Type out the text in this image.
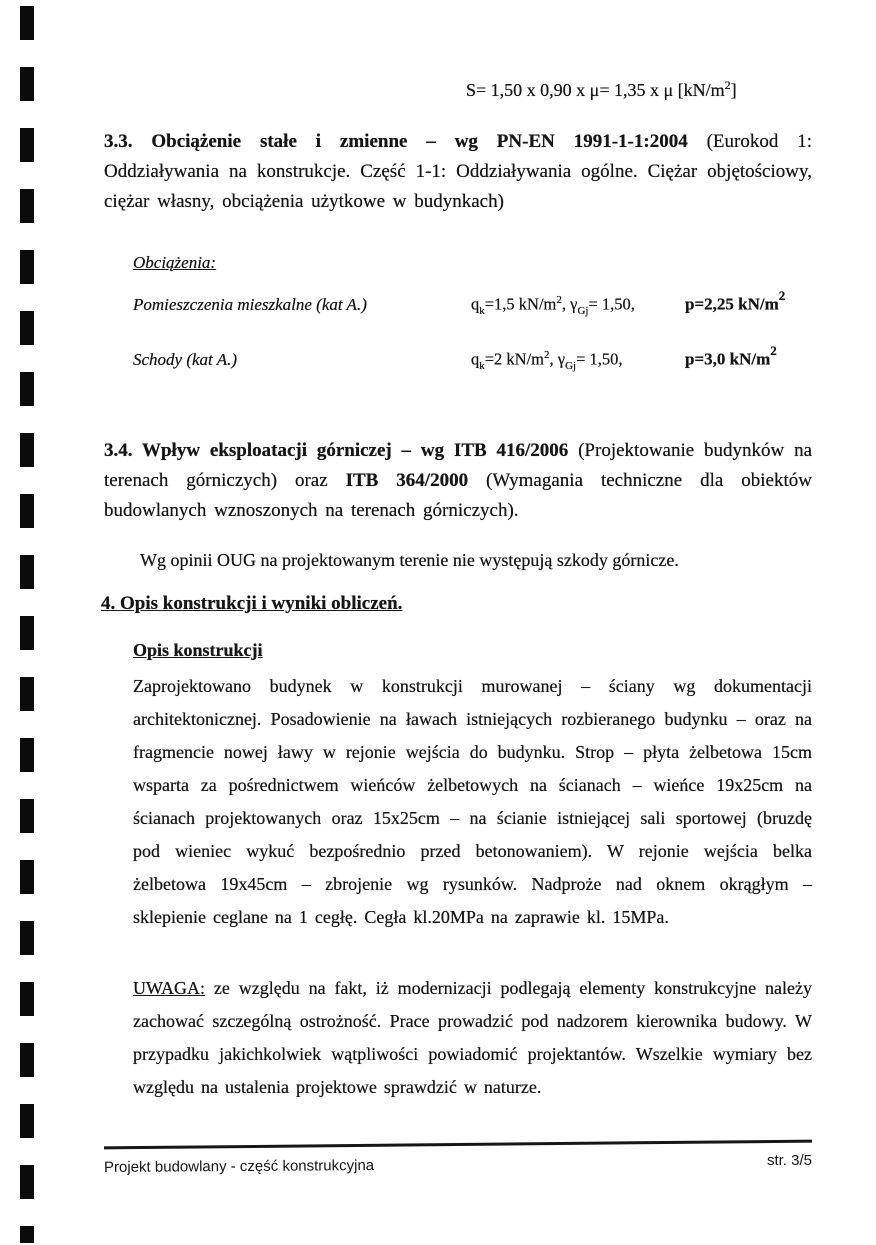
S= 1,50 x 0,90 x μ= 1,35 x μ $[kN/m^2]$

3.3. Obciążenie stałe i zmienne – wg PN-EN 1991-1-1:2004 (Eurokod 1: Oddziaływania na konstrukcje. Część 1-1: Oddziaływania ogólne. Ciężar objętościowy, ciężar własny, obciążenia użytkowe w budynkach)

Obciążenia:
Pomieszczenia mieszkalne (kat A.)	$q_k=1,5$ $kN/m^2$, $\gamma_{Gj}= 1,50$,	p=2,25 $kN/m^2$
Schody (kat A.)	$q_k=2$ $kN/m^2$, $\gamma_{Gj}= 1,50$,	p=3,0 $kN/m^2$

3.4. Wpływ eksploatacji górniczej – wg ITB 416/2006 (Projektowanie budynków na terenach górniczych) oraz ITB 364/2000 (Wymagania techniczne dla obiektów budowlanych wznoszonych na terenach górniczych).

Wg opinii OUG na projektowanym terenie nie występują szkody górnicze.

4. Opis konstrukcji i wyniki obliczeń.

Opis konstrukcji

Zaprojektowano budynek w konstrukcji murowanej – ściany wg dokumentacji architektonicznej. Posadowienie na ławach istniejących rozbieranego budynku – oraz na fragmencie nowej ławy w rejonie wejścia do budynku. Strop – płyta żelbetowa 15cm wsparta za pośrednictwem wieńców żelbetowych na ścianach – wieńce 19x25cm na ścianach projektowanych oraz 15x25cm – na ścianie istniejącej sali sportowej (bruzdę pod wieniec wykuć bezpośrednio przed betonowaniem). W rejonie wejścia belka żelbetowa 19x45cm – zbrojenie wg rysunków. Nadproże nad oknem okrągłym – sklepienie ceglane na 1 cegłę. Cegła kl.20MPa na zaprawie kl. 15MPa.

UWAGA: ze względu na fakt, iż modernizacji podlegają elementy konstrukcyjne należy zachować szczególną ostrożność. Prace prowadzić pod nadzorem kierownika budowy. W przypadku jakichkolwiek wątpliwości powiadomić projektantów. Wszelkie wymiary bez względu na ustalenia projektowe sprawdzić w naturze.

Projekt budowlany - część konstrukcyjna	str. 3/5
